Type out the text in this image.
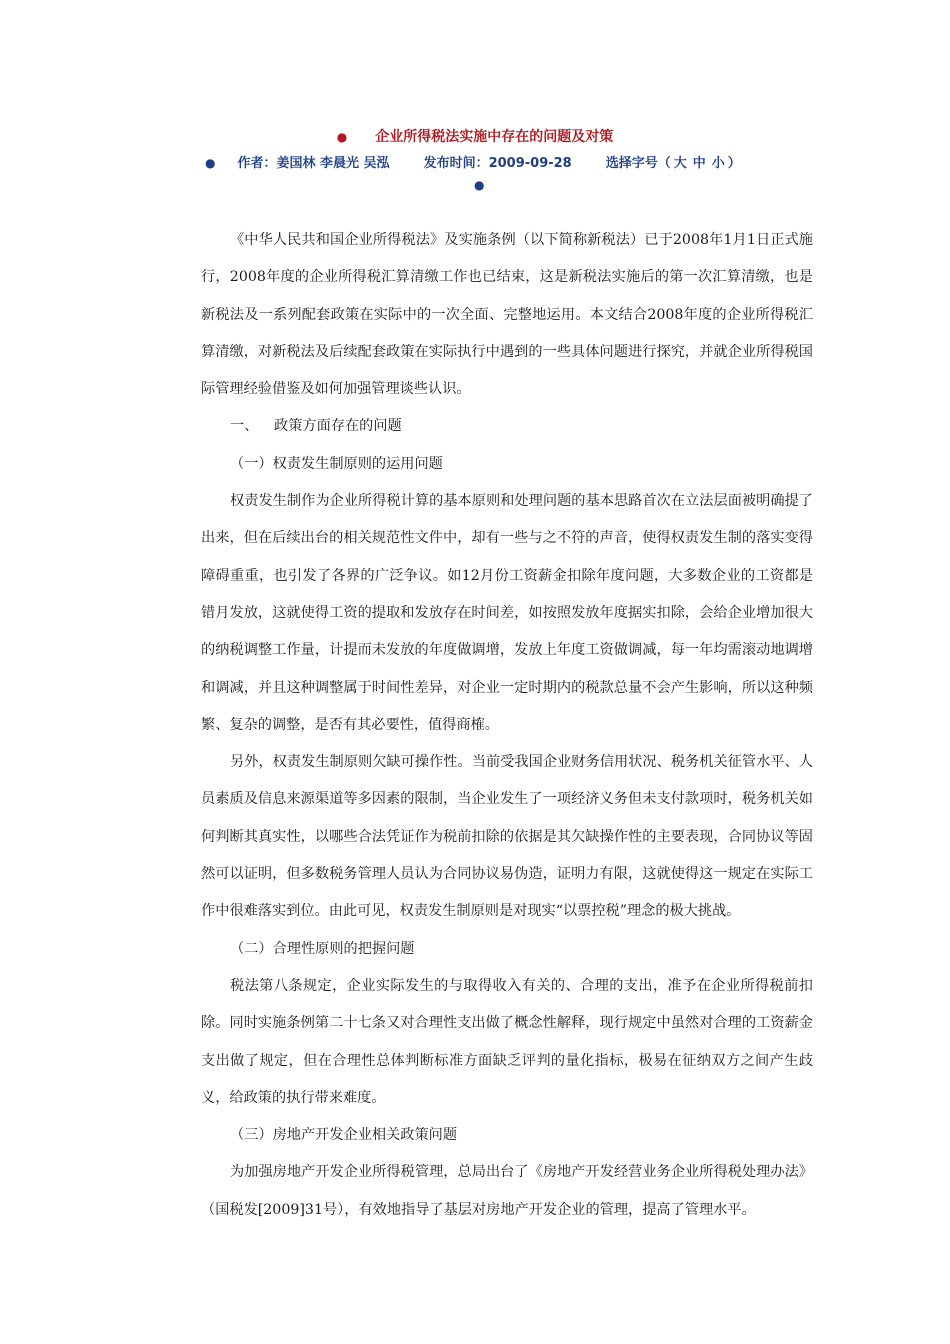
● 企业所得税法实施中存在的问题及对策
● 作者：姜国林 李晨光 吴泓	发布时间：2009-09-28	选择字号（ 大 中 小 ）
●

《中华人民共和国企业所得税法》及实施条例（以下简称新税法）已于2008年1月1日正式施行，2008年度的企业所得税汇算清缴工作也已结束，这是新税法实施后的第一次汇算清缴，也是新税法及一系列配套政策在实际中的一次全面、完整地运用。本文结合2008年度的企业所得税汇算清缴，对新税法及后续配套政策在实际执行中遇到的一些具体问题进行探究，并就企业所得税国际管理经验借鉴及如何加强管理谈些认识。

一、 政策方面存在的问题

（一）权责发生制原则的运用问题

权责发生制作为企业所得税计算的基本原则和处理问题的基本思路首次在立法层面被明确提了出来，但在后续出台的相关规范性文件中，却有一些与之不符的声音，使得权责发生制的落实变得障碍重重，也引发了各界的广泛争议。如12月份工资薪金扣除年度问题，大多数企业的工资都是错月发放，这就使得工资的提取和发放存在时间差，如按照发放年度据实扣除，会给企业增加很大的纳税调整工作量，计提而未发放的年度做调增，发放上年度工资做调减，每一年均需滚动地调增和调减，并且这种调整属于时间性差异，对企业一定时期内的税款总量不会产生影响，所以这种频繁、复杂的调整，是否有其必要性，值得商榷。

另外，权责发生制原则欠缺可操作性。当前受我国企业财务信用状况、税务机关征管水平、人员素质及信息来源渠道等多因素的限制，当企业发生了一项经济义务但未支付款项时，税务机关如何判断其真实性，以哪些合法凭证作为税前扣除的依据是其欠缺操作性的主要表现，合同协议等固然可以证明，但多数税务管理人员认为合同协议易伪造，证明力有限，这就使得这一规定在实际工作中很难落实到位。由此可见，权责发生制原则是对现实“以票控税”理念的极大挑战。

（二）合理性原则的把握问题

税法第八条规定，企业实际发生的与取得收入有关的、合理的支出，准予在企业所得税前扣除。同时实施条例第二十七条又对合理性支出做了概念性解释，现行规定中虽然对合理的工资薪金支出做了规定，但在合理性总体判断标准方面缺乏评判的量化指标，极易在征纳双方之间产生歧义，给政策的执行带来难度。

（三）房地产开发企业相关政策问题

为加强房地产开发企业所得税管理，总局出台了《房地产开发经营业务企业所得税处理办法》（国税发[2009]31号），有效地指导了基层对房地产开发企业的管理，提高了管理水平。
